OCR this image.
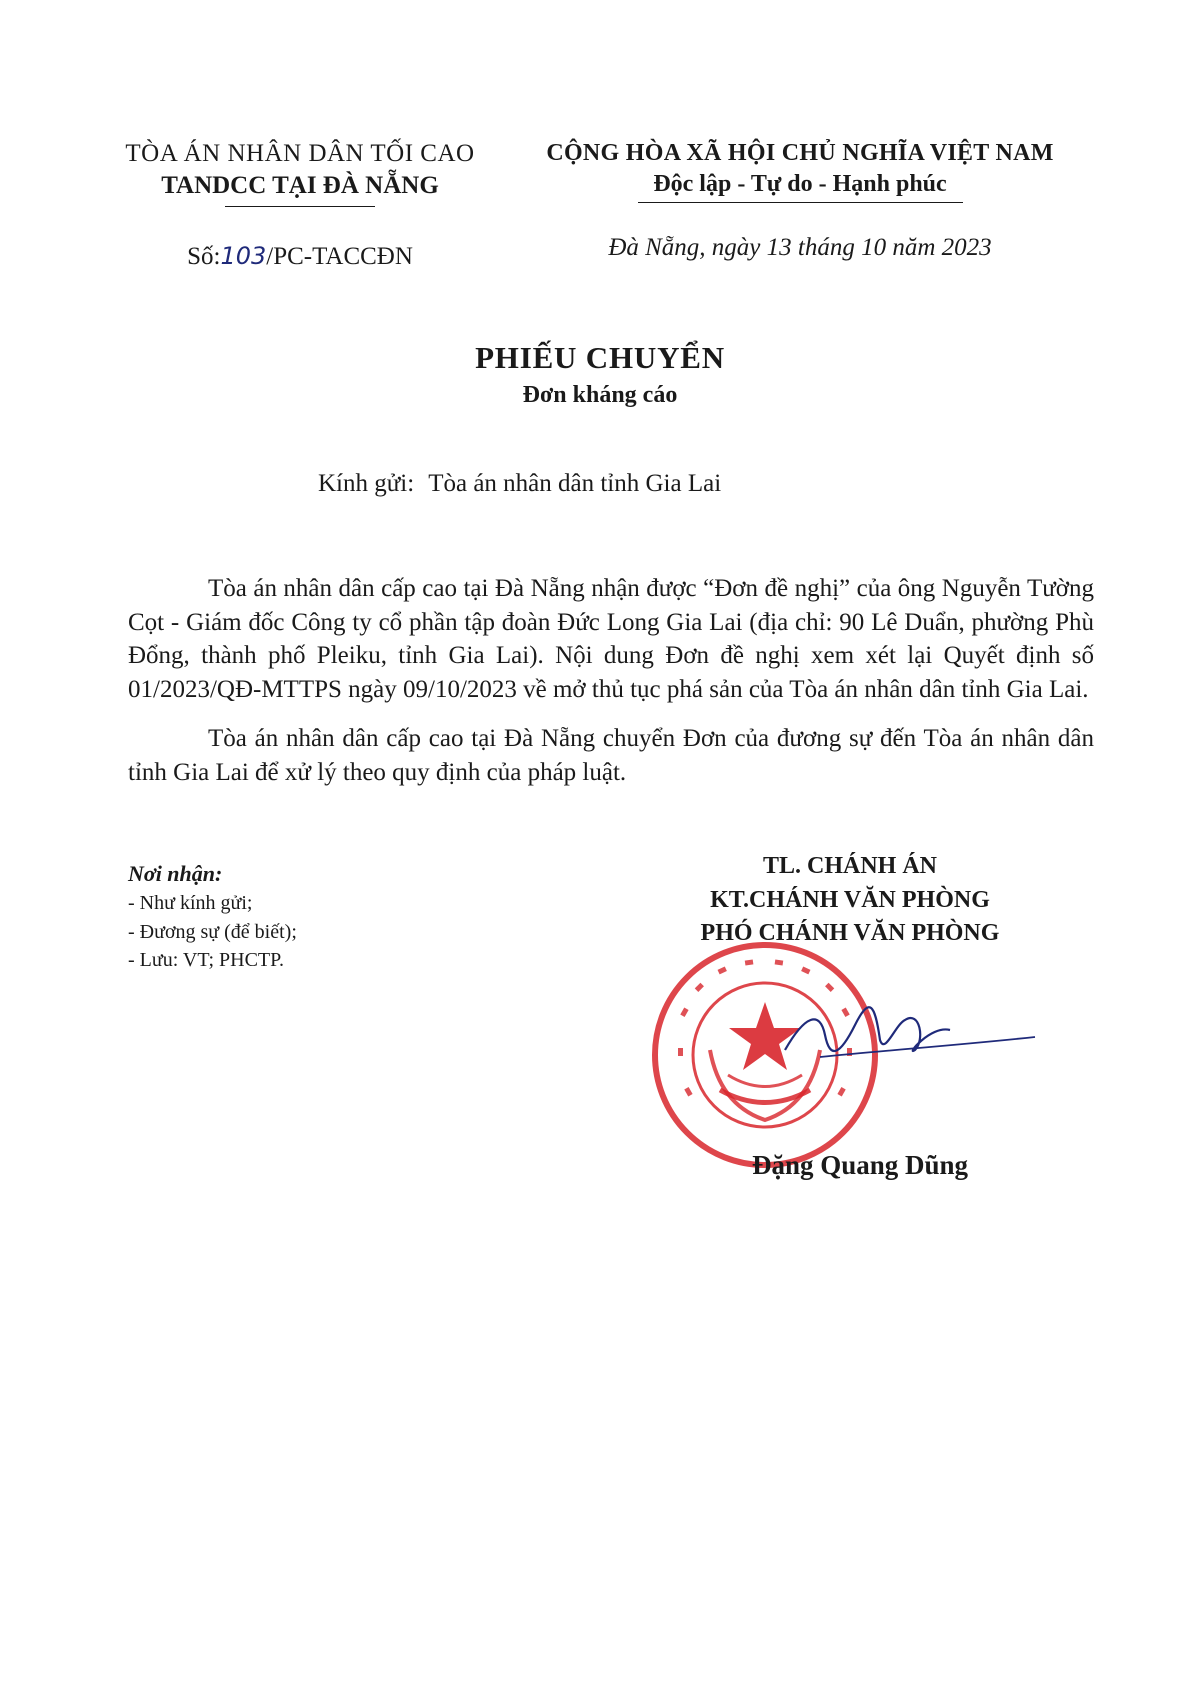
TÒA ÁN NHÂN DÂN TỐI CAO
TANDCC TẠI ĐÀ NẴNG
Số:103/PC-TACCĐN
CỘNG HÒA XÃ HỘI CHỦ NGHĨA VIỆT NAM
Độc lập - Tự do - Hạnh phúc
Đà Nẵng, ngày 13 tháng 10 năm 2023
PHIẾU CHUYỂN
Đơn kháng cáo
Kính gửi: Tòa án nhân dân tỉnh Gia Lai

Tòa án nhân dân cấp cao tại Đà Nẵng nhận được “Đơn đề nghị” của ông Nguyễn Tường Cọt - Giám đốc Công ty cổ phần tập đoàn Đức Long Gia Lai (địa chỉ: 90 Lê Duẩn, phường Phù Đổng, thành phố Pleiku, tỉnh Gia Lai). Nội dung Đơn đề nghị xem xét lại Quyết định số 01/2023/QĐ-MTTPS ngày 09/10/2023 về mở thủ tục phá sản của Tòa án nhân dân tỉnh Gia Lai.

Tòa án nhân dân cấp cao tại Đà Nẵng chuyển Đơn của đương sự đến Tòa án nhân dân tỉnh Gia Lai để xử lý theo quy định của pháp luật.

Nơi nhận:
- Như kính gửi;
- Đương sự (để biết);
- Lưu: VT; PHCTP.
TL. CHÁNH ÁN
KT.CHÁNH VĂN PHÒNG
PHÓ CHÁNH VĂN PHÒNG
Đặng Quang Dũng
